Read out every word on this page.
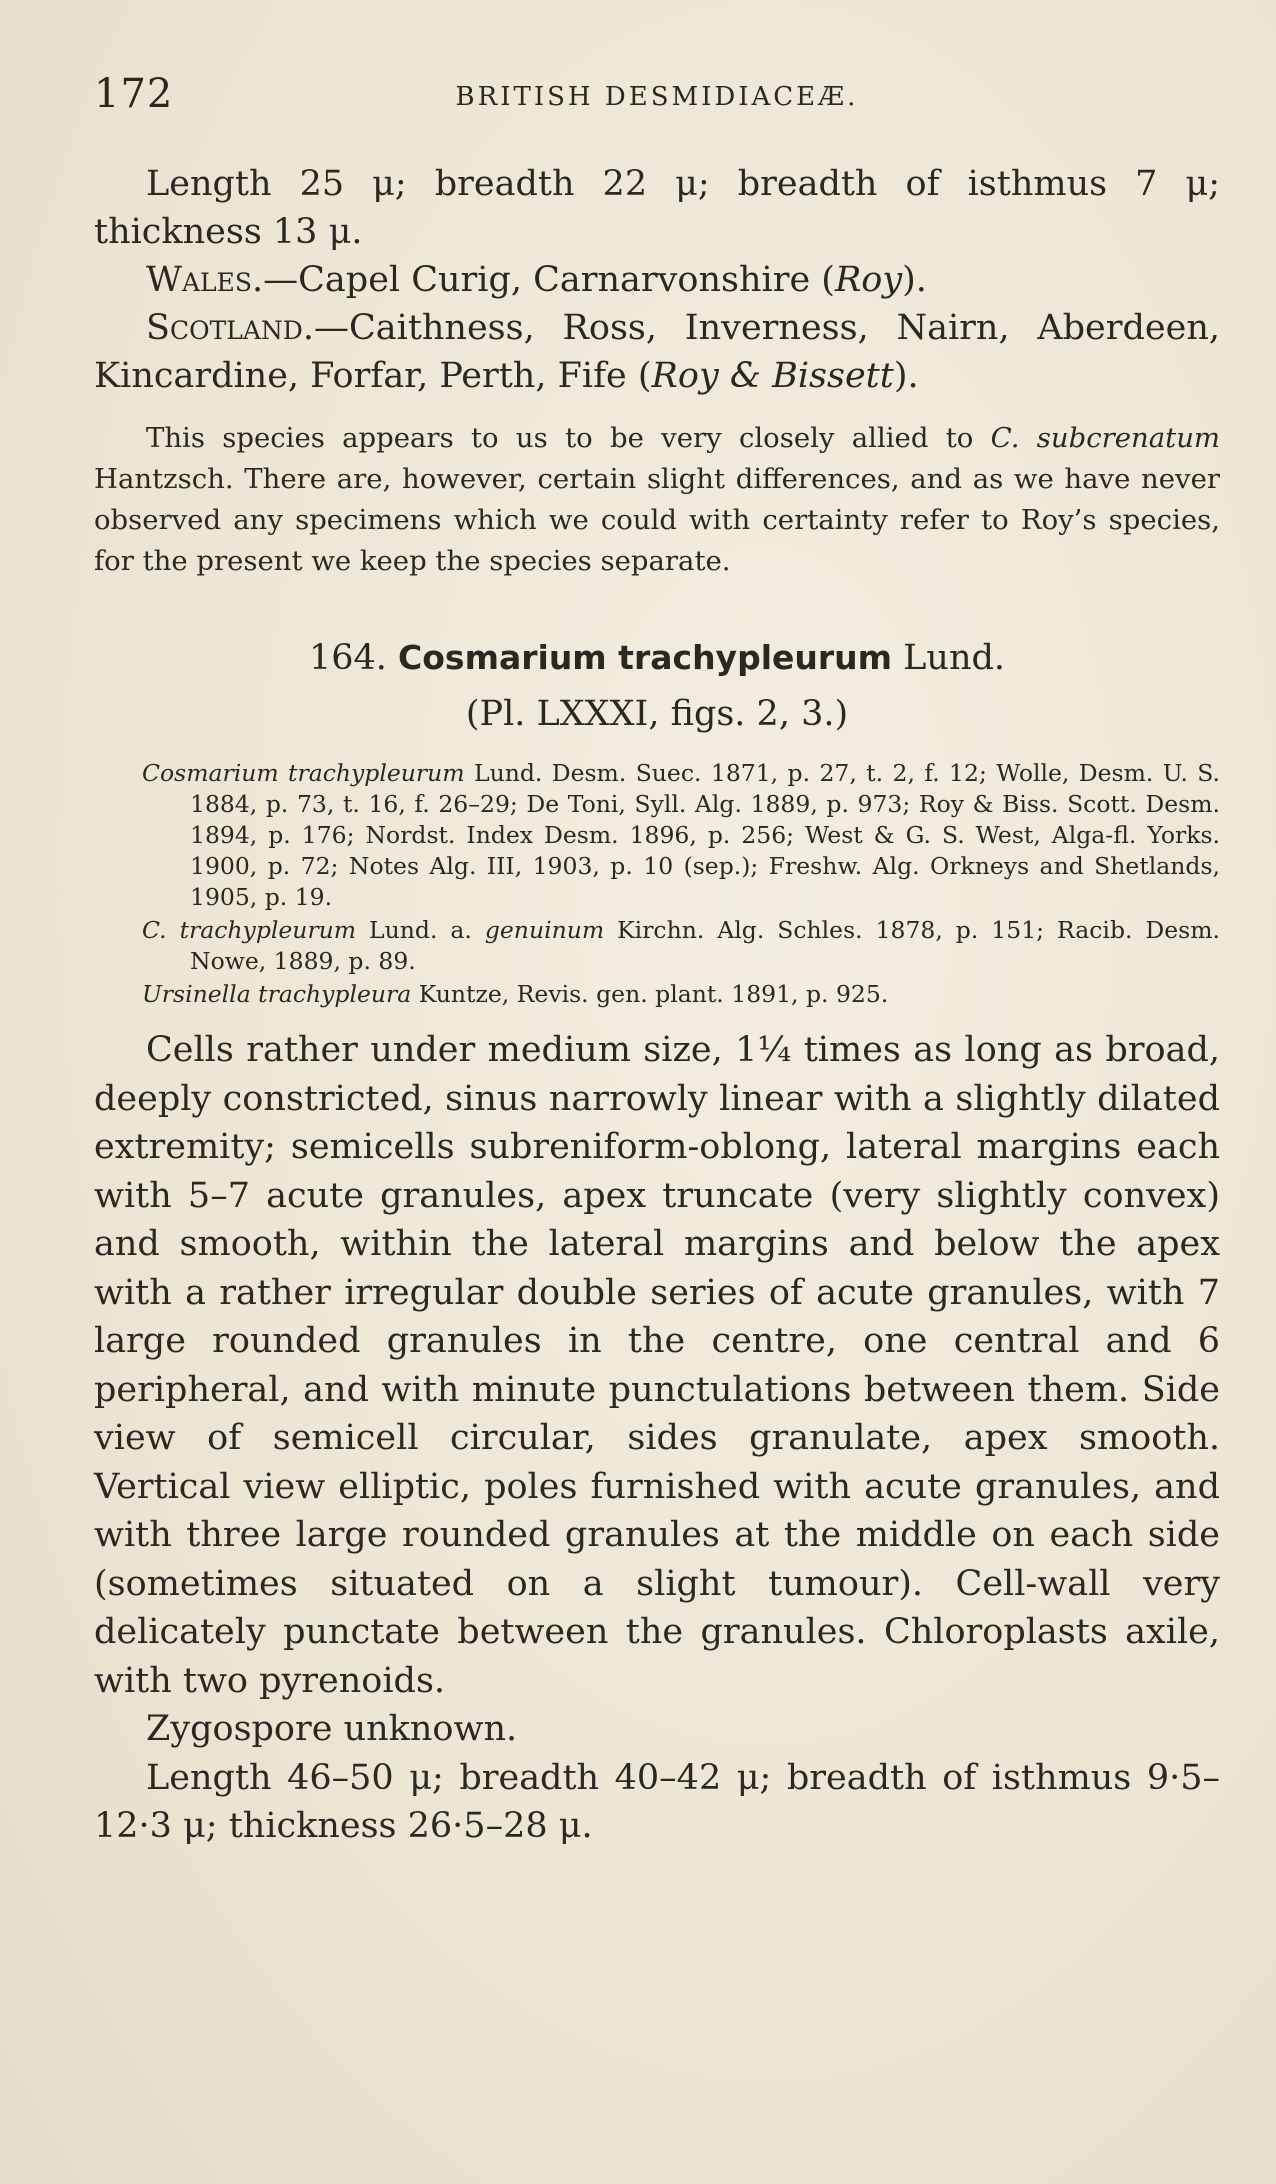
172	BRITISH DESMIDIACEÆ.

Length 25 μ; breadth 22 μ; breadth of isthmus 7 μ; thickness 13 μ.

Wales.—Capel Curig, Carnarvonshire (Roy).

Scotland.—Caithness, Ross, Inverness, Nairn, Aberdeen, Kincardine, Forfar, Perth, Fife (Roy & Bissett).

This species appears to us to be very closely allied to C. subcrenatum Hantzsch. There are, however, certain slight differences, and as we have never observed any specimens which we could with certainty refer to Roy’s species, for the present we keep the species separate.

164. Cosmarium trachypleurum Lund.
(Pl. LXXXI, figs. 2, 3.)

Cosmarium trachypleurum Lund. Desm. Suec. 1871, p. 27, t. 2, f. 12; Wolle, Desm. U. S. 1884, p. 73, t. 16, f. 26–29; De Toni, Syll. Alg. 1889, p. 973; Roy & Biss. Scott. Desm. 1894, p. 176; Nordst. Index Desm. 1896, p. 256; West & G. S. West, Alga-fl. Yorks. 1900, p. 72; Notes Alg. III, 1903, p. 10 (sep.); Freshw. Alg. Orkneys and Shetlands, 1905, p. 19.

C. trachypleurum Lund. a. genuinum Kirchn. Alg. Schles. 1878, p. 151; Racib. Desm. Nowe, 1889, p. 89.

Ursinella trachypleura Kuntze, Revis. gen. plant. 1891, p. 925.

Cells rather under medium size, 1¼ times as long as broad, deeply constricted, sinus narrowly linear with a slightly dilated extremity; semicells subreniform-oblong, lateral margins each with 5–7 acute granules, apex truncate (very slightly convex) and smooth, within the lateral margins and below the apex with a rather irregular double series of acute granules, with 7 large rounded granules in the centre, one central and 6 peripheral, and with minute punctulations between them. Side view of semicell circular, sides granulate, apex smooth. Vertical view elliptic, poles furnished with acute granules, and with three large rounded granules at the middle on each side (sometimes situated on a slight tumour). Cell-wall very delicately punctate between the granules. Chloroplasts axile, with two pyrenoids.

Zygospore unknown.

Length 46–50 μ; breadth 40–42 μ; breadth of isthmus 9·5–12·3 μ; thickness 26·5–28 μ.
